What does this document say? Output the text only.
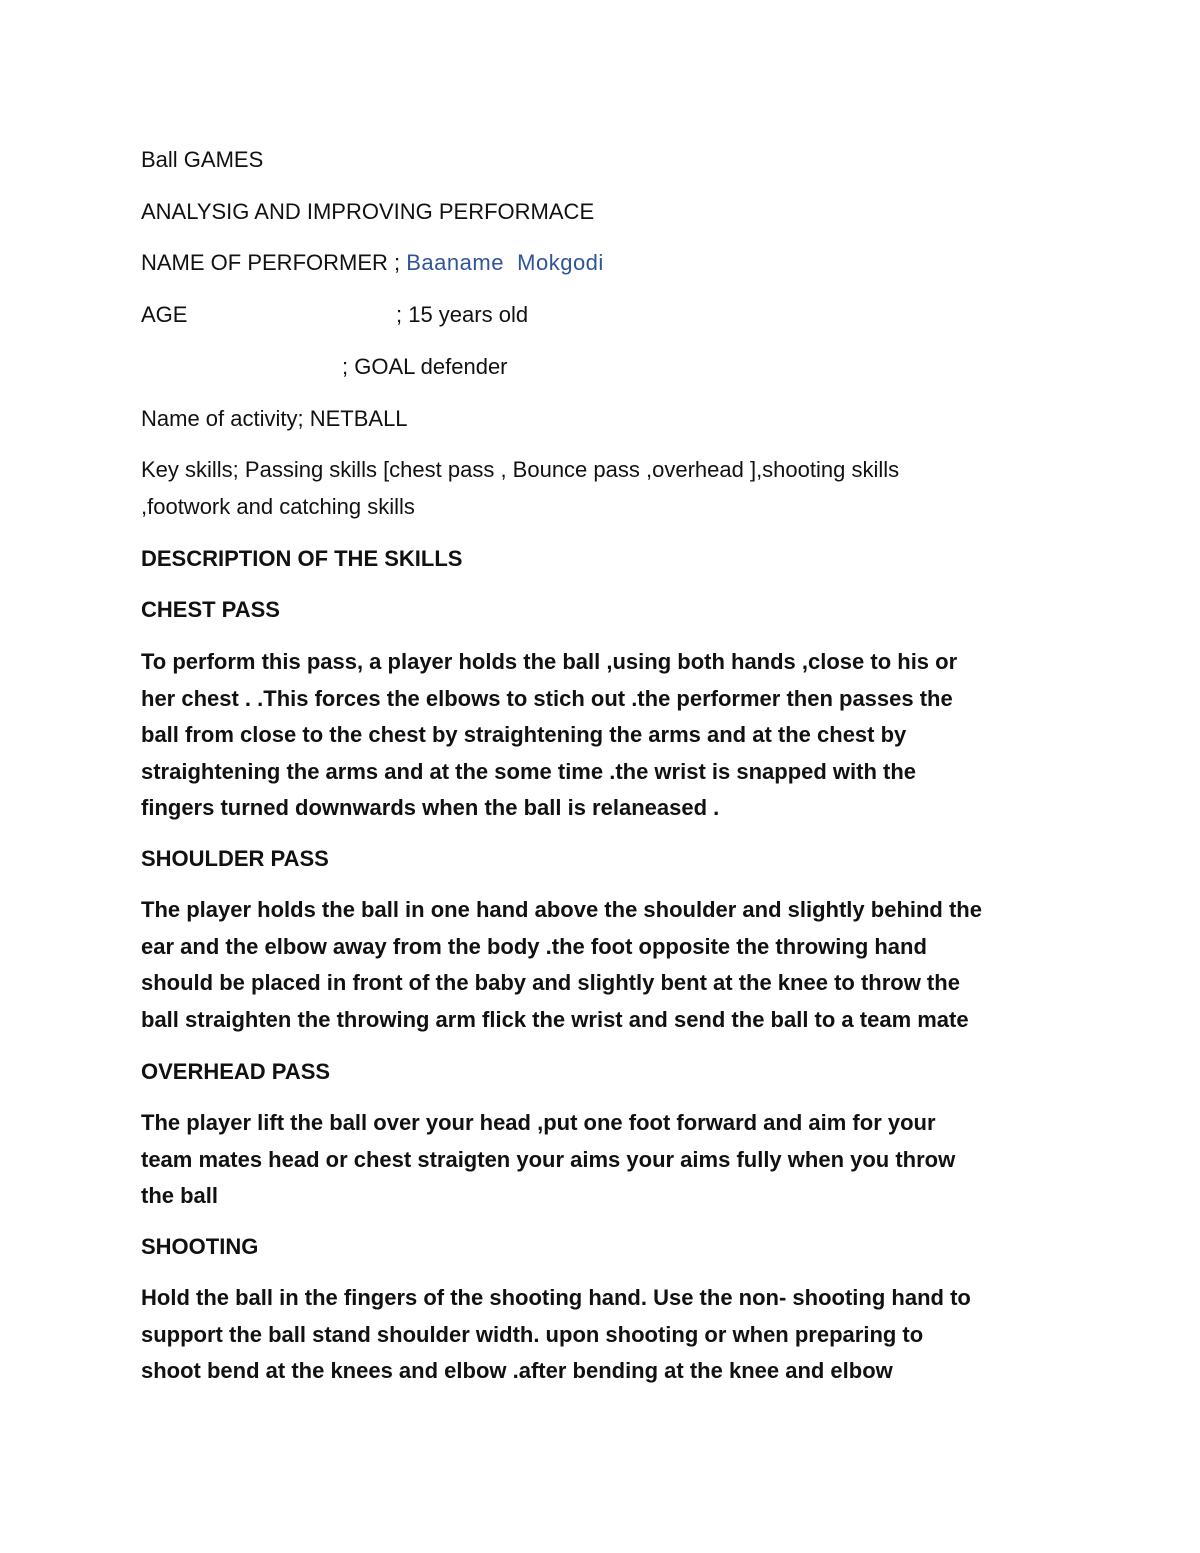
Ball GAMES
ANALYSIG AND IMPROVING PERFORMACE
NAME OF PERFORMER ; Baaname  Mokgodi
AGE	; 15 years old
; GOAL defender
Name of activity; NETBALL
Key skills; Passing skills [chest pass , Bounce pass ,overhead ],shooting skills
,footwork and catching skills
DESCRIPTION OF THE SKILLS
CHEST PASS
To perform this pass, a player holds the ball ,using both hands ,close to his or
her chest . .This forces the elbows to stich out .the performer then passes the
ball from close to the chest by straightening the arms and at the chest by
straightening the arms and at the some time .the wrist is snapped with the
fingers turned downwards when the ball is relaneased .
SHOULDER PASS
The player holds the ball in one hand above the shoulder and slightly behind the
ear and the elbow away from the body .the foot opposite the throwing hand
should be placed in front of the baby and slightly bent at the knee to throw the
ball straighten the throwing arm flick the wrist and send the ball to a team mate
OVERHEAD PASS
The player lift the ball over your head ,put one foot forward and aim for your
team mates head or chest straigten your aims your aims fully when you throw
the ball
SHOOTING
Hold the ball in the fingers of the shooting hand. Use the non- shooting hand to
support the ball stand shoulder width. upon shooting or when preparing to
shoot bend at the knees and elbow .after bending at the knee and elbow
